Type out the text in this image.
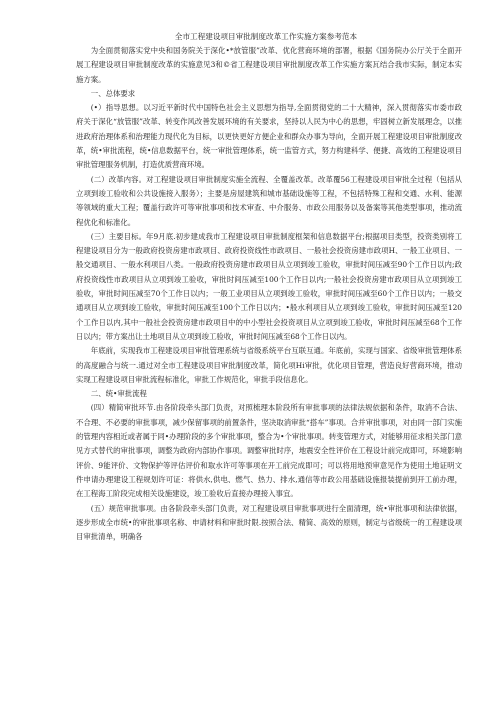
全市工程建设项目审批制度改革工作实施方案参考范本

为全面贯彻落实党中央和国务院关于深化•*放管服”改革、优化营商环境的部署，根据《国务院办公厅关于全面开展工程建设项目审批制度改革的实施意见3和©省工程建设项目审批制度改革工作实施方案瓦结合我市实际，制定本实施方案。

一、总体要求

(•）指导思想。以习近平新时代中国特色社会主义思想为指导,全面贯彻党的二十大精神，深入贯彻落实市委市政府关于深化“放管服”改革、转变作风改善发展环境的有关要求，坚持以人民为中心的思想，牢固树立新发展理念，以推进政府治理体系和治理能力现代化为目标，以更快更好方便企业和群众办事为导向，全面开展工程建设项目审批制度改革，统•审批流程，统•信息数据平台，统一审批管理体系，统一监管方式，努力构建科学、便捷、高效的工程建设项目审批管理服务机制，打造优质营商环境。

(二）改革内容。对工程建设项目审批制度实施全流程、全覆盖改革。改革覆56工程建设项目审批全过程（包括从立项到竣工验收和公共设施接入服务）；主要是房屋建筑和城市基础设施等工程，不包括特殊工程和交通、水利、能源等领域的重大工程；覆盖行政许可等审批事项和技术审查、中介服务、市政公用服务以及备案等其他类型事项，推动流程优化和标准化。

(三）主要目标。年9月底.初步建成我市工程建设项目审批制度框架和信息数据平台;根据项目类型，投资类别将工程建设项目分为一般政府投资房建市政项目、政府投资线性市政项目、一般社会投资房建市政项H、一般工业项目、一般交通项目、一般水利项目八类。一般政府投资房建市政项目从立项到竣工验收，审批时间压减至90个工作日以内;政府投资线性市政项目从立项到竣工验收，审批时间压减至100个工作日以内;一般社会投资房建市政项目从立项到竣工验收，审批时间压减至70个工作日以内；一般工业项目从立项到竣工验收，审批时间压减至60个工作日以内；一般交通项目从立项到竣工验收，审批时间压减至100个工作日以内；•般水利项目从立项到竣工验收，审批时间压减至120个工作日以内,其中一般社会投资房建市政项目中的中小型社会投资项目从立项到竣工验收，审批时间压减至68个工作日以内；带方案出让土地项目从立项到竣工验收，审批时间压减至68个工作日以内。

年底前，实现我市工程建设项目审批管理系统与省级系统平台互联互通。年底前，实现与国家、省级审批管理体系的高度融合与统一.通过对全市工程建设项目审批制度改革，简化项Hi审批，优化项目管理，营造良好营商环境，推动实现工程建设项目审批流程标准化，审批工作规范化，审批手段信息化。

二、统•审批流程

(四）精简审批环节.由各阶段牵头部门负责，对照梳理本阶段所有审批事项的法律法规依据和条件，取消不合法、不合理、不必要的审批事项，减少保留事项的前置条件，坚决取消审批“搭车”事项。合并审批事项，对由同一部门实施的管理内容相近或者属于同•办理阶段的多个审批事项，整合为•个审批事项。转变管理方式，对能够用征求相关部门意见方式替代的审批事项，调整为政府内部协作事项。调整审批时序，地震安全性评价在工程设计前完成即可，环境影响评价、9能评价、文物保护等评估评价和取水许可等事项在开工前完成即可；可以将用地预审意见作为使用土地证明文件申请办理建设工程规划许可证：将供水,供电、燃气、热力、排水,通信等市政公用基础设施报装提前到开工前办理，在工程海工阶段完成相关设施建设，竣工验收后直接办理接入事宜。

(五）规范审批事项。由各阶段牵头部门负责，对工程建设项目审批事项进行全面清理，统•审批事项和法律依据，逐步形成全市统•的审批事项名称、申请材料和审批时限.按照合法、精简、高效的原则，制定与省级统一的工程建设项目审批清单，明确各
